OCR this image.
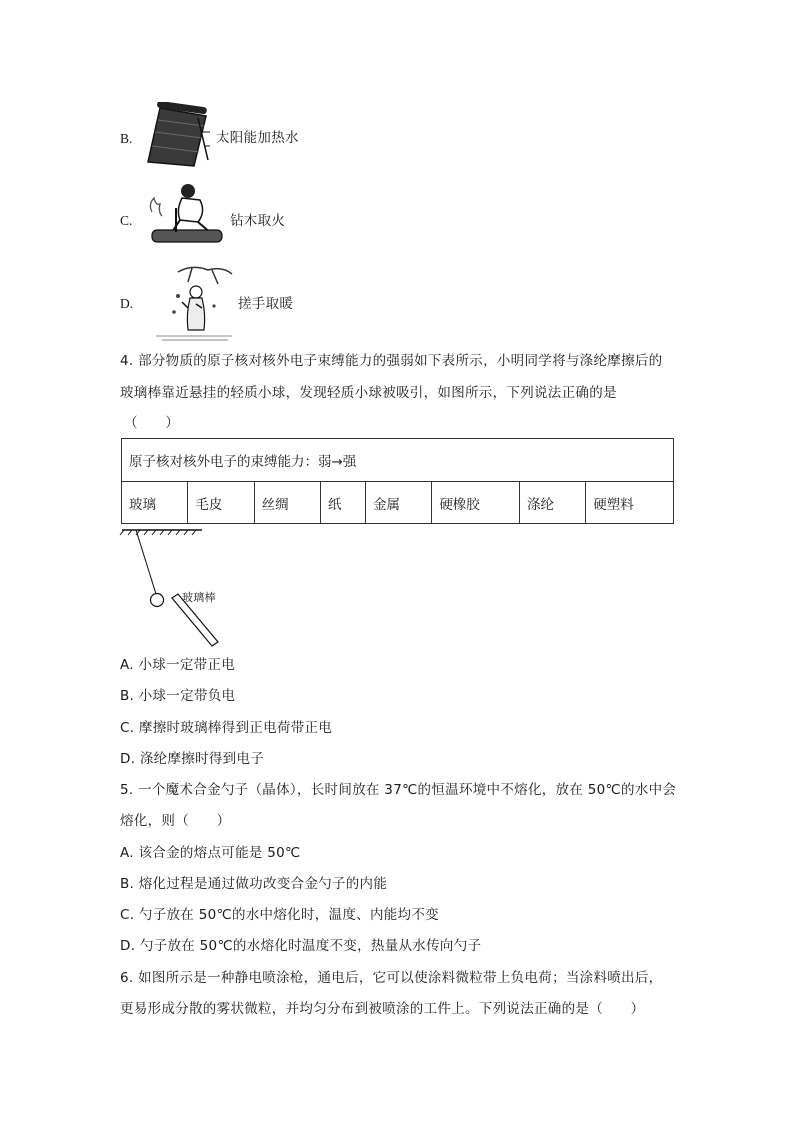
B.	太阳能加热水
C.	钻木取火
D.	搓手取暖
4. 部分物质的原子核对核外电子束缚能力的强弱如下表所示，小明同学将与涤纶摩擦后的
玻璃棒靠近悬挂的轻质小球，发现轻质小球被吸引，如图所示，下列说法正确的是
（　　）
原子核对核外电子的束缚能力：弱→强
玻璃	毛皮	丝绸	纸	金属	硬橡胶	涤纶	硬塑料
玻璃棒
A. 小球一定带正电
B. 小球一定带负电
C. 摩擦时玻璃棒得到正电荷带正电
D. 涤纶摩擦时得到电子
5. 一个魔术合金勺子（晶体），长时间放在 37℃的恒温环境中不熔化，放在 50℃的水中会
熔化，则（　　）
A. 该合金的熔点可能是 50℃
B. 熔化过程是通过做功改变合金勺子的内能
C. 勺子放在 50℃的水中熔化时，温度、内能均不变
D. 勺子放在 50℃的水熔化时温度不变，热量从水传向勺子
6. 如图所示是一种静电喷涂枪，通电后，它可以使涂料微粒带上负电荷；当涂料喷出后，
更易形成分散的雾状微粒，并均匀分布到被喷涂的工件上。下列说法正确的是（　　）
